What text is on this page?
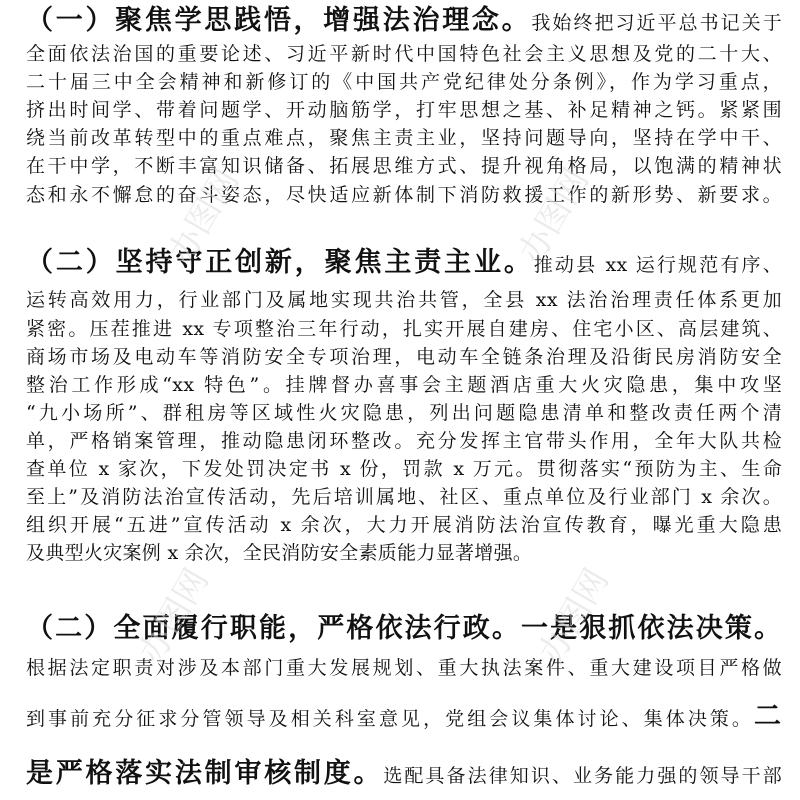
（一）聚焦学思践悟，增强法治理念。我始终把习近平总书记关于
全面依法治国的重要论述、习近平新时代中国特色社会主义思想及党的二十大、
二十届三中全会精神和新修订的《中国共产党纪律处分条例》，作为学习重点，
挤出时间学、带着问题学、开动脑筋学，打牢思想之基、补足精神之钙。紧紧围
绕当前改革转型中的重点难点，聚焦主责主业，坚持问题导向，坚持在学中干、
在干中学，不断丰富知识储备、拓展思维方式、提升视角格局，以饱满的精神状
态和永不懈怠的奋斗姿态，尽快适应新体制下消防救援工作的新形势、新要求。
（二）坚持守正创新，聚焦主责主业。推动县 xx 运行规范有序、
运转高效用力，行业部门及属地实现共治共管，全县 xx 法治治理责任体系更加
紧密。压茬推进 xx 专项整治三年行动，扎实开展自建房、住宅小区、高层建筑、
商场市场及电动车等消防安全专项治理，电动车全链条治理及沿街民房消防安全
整治工作形成“xx 特色”。挂牌督办喜事会主题酒店重大火灾隐患，集中攻坚
“九小场所”、群租房等区域性火灾隐患，列出问题隐患清单和整改责任两个清
单，严格销案管理，推动隐患闭环整改。充分发挥主官带头作用，全年大队共检
查单位 x 家次，下发处罚决定书 x 份，罚款 x 万元。贯彻落实“预防为主、生命
至上”及消防法治宣传活动，先后培训属地、社区、重点单位及行业部门 x 余次。
组织开展“五进”宣传活动 x 余次，大力开展消防法治宣传教育，曝光重大隐患
及典型火灾案例 x 余次，全民消防安全素质能力显著增强。
（二）全面履行职能，严格依法行政。一是狠抓依法决策。
根据法定职责对涉及本部门重大发展规划、重大执法案件、重大建设项目严格做
到事前充分征求分管领导及相关科室意见，党组会议集体讨论、集体决策。二
是严格落实法制审核制度。选配具备法律知识、业务能力强的领导干部
办图网	办图网
办图网	办图网
